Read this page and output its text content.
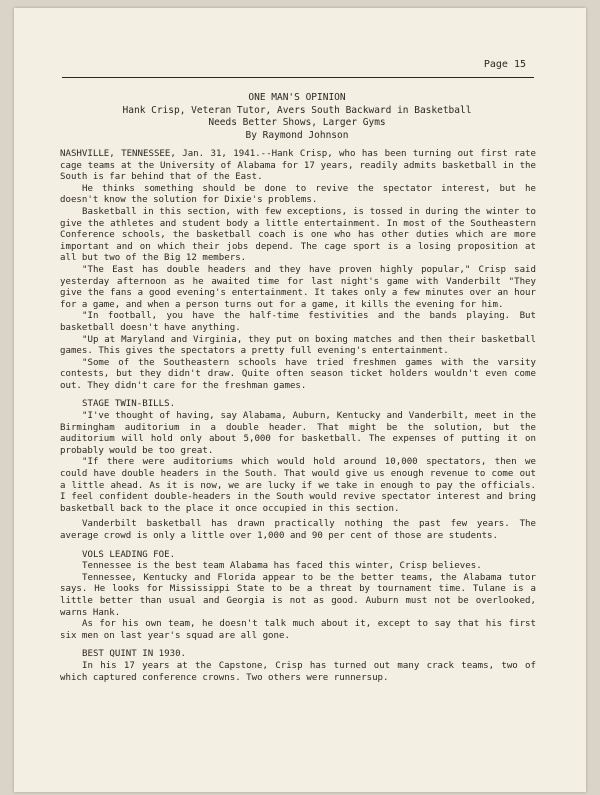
Page 15
ONE MAN'S OPINION
Hank Crisp, Veteran Tutor, Avers South Backward in Basketball
Needs Better Shows, Larger Gyms
By Raymond Johnson

NASHVILLE, TENNESSEE, Jan. 31, 1941.--Hank Crisp, who has been turning out first rate cage teams at the University of Alabama for 17 years, readily admits basketball in the South is far behind that of the East.

He thinks something should be done to revive the spectator interest, but he doesn't know the solution for Dixie's problems.

Basketball in this section, with few exceptions, is tossed in during the winter to give the athletes and student body a little entertainment. In most of the Southeastern Conference schools, the basketball coach is one who has other duties which are more important and on which their jobs depend. The cage sport is a losing proposition at all but two of the Big 12 members.

"The East has double headers and they have proven highly popular," Crisp said yesterday afternoon as he awaited time for last night's game with Vanderbilt "They give the fans a good evening's entertainment. It takes only a few minutes over an hour for a game, and when a person turns out for a game, it kills the evening for him.

"In football, you have the half-time festivities and the bands playing. But basketball doesn't have anything.

"Up at Maryland and Virginia, they put on boxing matches and then their basketball games. This gives the spectators a pretty full evening's entertainment.

"Some of the Southeastern schools have tried freshmen games with the varsity contests, but they didn't draw. Quite often season ticket holders wouldn't even come out. They didn't care for the freshman games.

STAGE TWIN-BILLS.

"I've thought of having, say Alabama, Auburn, Kentucky and Vanderbilt, meet in the Birmingham auditorium in a double header. That might be the solution, but the auditorium will hold only about 5,000 for basketball. The expenses of putting it on probably would be too great.

"If there were auditoriums which would hold around 10,000 spectators, then we could have double headers in the South. That would give us enough revenue to come out a little ahead. As it is now, we are lucky if we take in enough to pay the officials. I feel confident double-headers in the South would revive spectator interest and bring basketball back to the place it once occupied in this section.

Vanderbilt basketball has drawn practically nothing the past few years. The average crowd is only a little over 1,000 and 90 per cent of those are students.

VOLS LEADING FOE.

Tennessee is the best team Alabama has faced this winter, Crisp believes.

Tennessee, Kentucky and Florida appear to be the better teams, the Alabama tutor says. He looks for Mississippi State to be a threat by tournament time. Tulane is a little better than usual and Georgia is not as good. Auburn must not be overlooked, warns Hank.

As for his own team, he doesn't talk much about it, except to say that his first six men on last year's squad are all gone.

BEST QUINT IN 1930.

In his 17 years at the Capstone, Crisp has turned out many crack teams, two of which captured conference crowns. Two others were runnersup.
